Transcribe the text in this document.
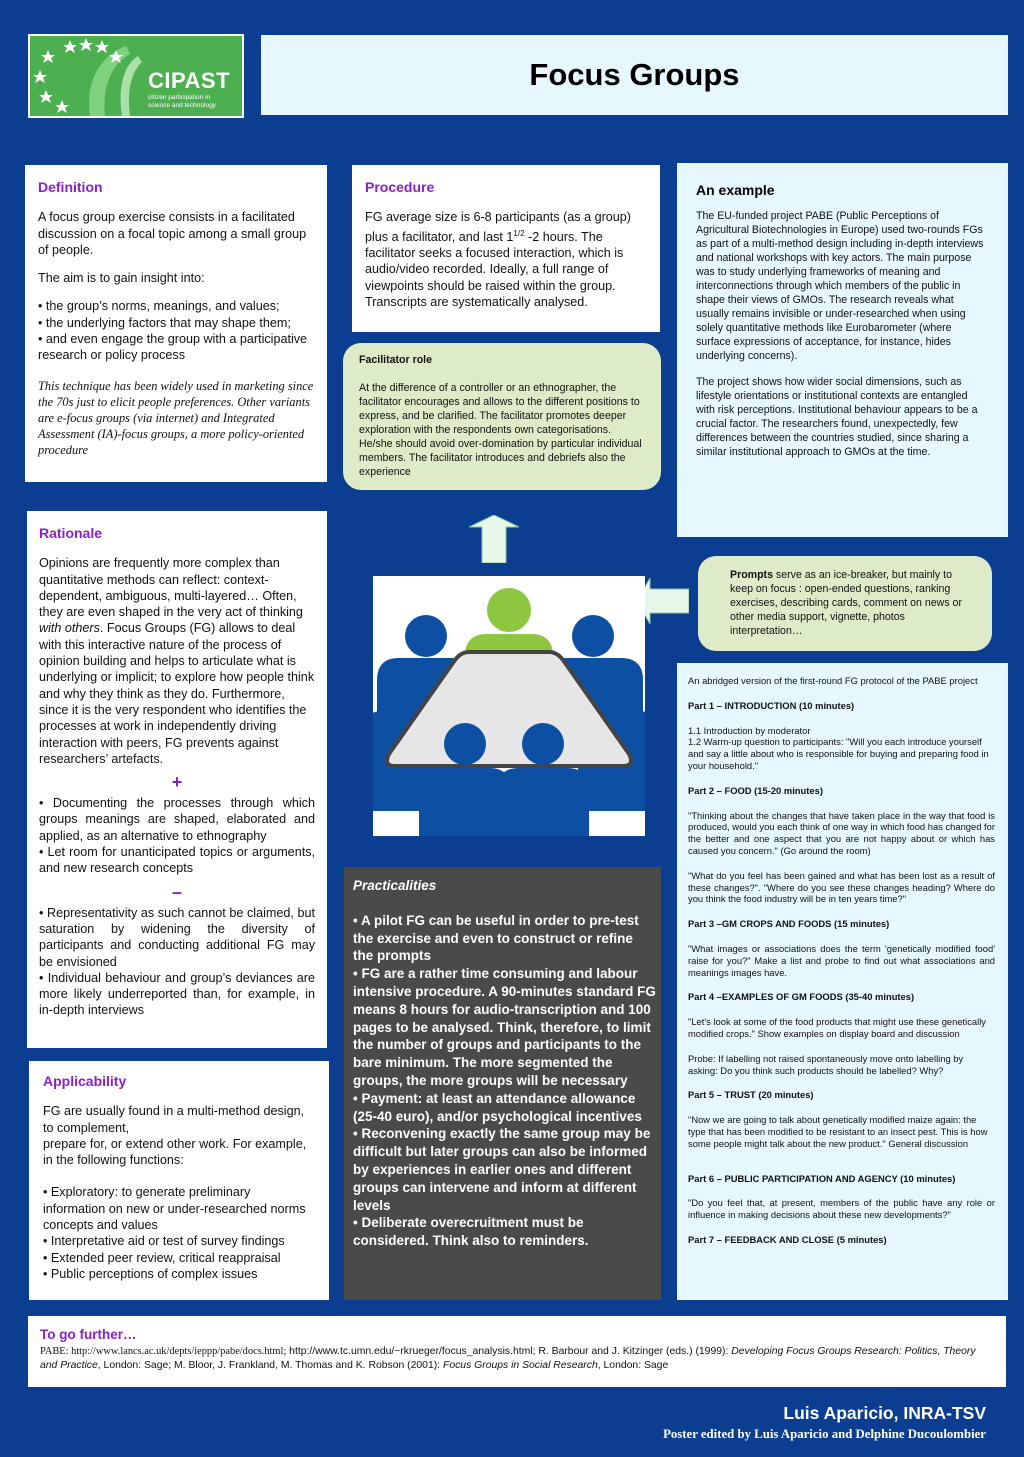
CIPAST
citizen participation in
science and technology
Focus Groups
Definition

A focus group exercise consists in a facilitated discussion on a focal topic among a small group of people.

The aim is to gain insight into:

• the group’s norms, meanings, and values;
• the underlying factors that may shape them;
• and even engage the group with a participative research or policy process

This technique has been widely used in marketing since the 70s just to elicit people preferences. Other variants are e-focus groups (via internet) and Integrated Assessment (IA)-focus groups, a more policy-oriented procedure

Procedure

FG average size is 6-8 participants (as a group) plus a facilitator, and last $1^{1/2}$ -2 hours. The facilitator seeks a focused interaction, which is audio/video recorded. Ideally, a full range of viewpoints should be raised within the group. Transcripts are systematically analysed.

Facilitator role
At the difference of a controller or an ethnographer, the facilitator encourages and allows to the different positions to express, and be clarified. The facilitator promotes deeper exploration with the respondents own categorisations. He/she should avoid over-domination by particular individual members. The facilitator introduces and debriefs also the experience
An example

The EU-funded project PABE (Public Perceptions of Agricultural Biotechnologies in Europe) used two-rounds FGs as part of a multi-method design including in-depth interviews and national workshops with key actors. The main purpose was to study underlying frameworks of meaning and interconnections through which members of the public in shape their views of GMOs. The research reveals what usually remains invisible or under-researched when using solely quantitative methods like Eurobarometer (where surface expressions of acceptance, for instance, hides underlying concerns).

The project shows how wider social dimensions, such as lifestyle orientations or institutional contexts are entangled with risk perceptions. Institutional behaviour appears to be a crucial factor. The researchers found, unexpectedly, few differences between the countries studied, since sharing a similar institutional approach to GMOs at the time.

Rationale

Opinions are frequently more complex than quantitative methods can reflect: context-dependent, ambiguous, multi-layered… Often, they are even shaped in the very act of thinking with others. Focus Groups (FG) allows to deal with this interactive nature of the process of opinion building and helps to articulate what is underlying or implicit; to explore how people think and why they think as they do. Furthermore, since it is the very respondent who identifies the processes at work in independently driving interaction with peers, FG prevents against researchers’ artefacts.

+
• Documenting the processes through which groups meanings are shaped, elaborated and applied, as an alternative to ethnography
• Let room for unanticipated topics or arguments, and new research concepts
–
• Representativity as such cannot be claimed, but saturation by widening the diversity of participants and conducting additional FG may be envisioned
• Individual behaviour and group’s deviances are more likely underreported than, for example, in in-depth interviews
Applicability
FG are usually found in a multi-method design, to complement,
prepare for, or extend other work. For example, in the following functions:
• Exploratory: to generate preliminary information on new or under-researched norms concepts and values
• Interpretative aid or test of survey findings
• Extended peer review, critical reappraisal
• Public perceptions of complex issues
Prompts serve as an ice-breaker, but mainly to keep on focus : open-ended questions, ranking exercises, describing cards, comment on news or other media support, vignette, photos interpretation…

An abridged version of the first-round FG protocol of the PABE project

Part 1 – INTRODUCTION (10 minutes)

1.1 Introduction by moderator
1.2 Warm-up question to participants: "Will you each introduce yourself and say a little about who is responsible for buying and preparing food in your household."

Part 2 – FOOD (15-20 minutes)

"Thinking about the changes that have taken place in the way that food is produced, would you each think of one way in which food has changed for the better and one aspect that you are not happy about or which has caused you concern." (Go around the room)

"What do you feel has been gained and what has been lost as a result of these changes?". "Where do you see these changes heading? Where do you think the food industry will be in ten years time?"

Part 3 –GM CROPS AND FOODS (15 minutes)

"What images or associations does the term 'genetically modified food' raise for you?" Make a list and probe to find out what associations and meanings images have.

Part 4 –EXAMPLES OF GM FOODS (35-40 minutes)

"Let's look at some of the food products that might use these genetically modified crops." Show examples on display board and discussion

Probe: If labelling not raised spontaneously move onto labelling by asking: Do you think such products should be labelled? Why?

Part 5 – TRUST (20 minutes)

"Now we are going to talk about genetically modified maize again: the type that has been modified to be resistant to an insect pest. This is how some people might talk about the new product." General discussion

Part 6 – PUBLIC PARTICIPATION AND AGENCY (10 minutes)

"Do you feel that, at present, members of the public have any role or influence in making decisions about these new developments?"

Part 7 – FEEDBACK AND CLOSE (5 minutes)

Practicalities
• A pilot FG can be useful in order to pre-test the exercise and even to construct or refine the prompts
• FG are a rather time consuming and labour intensive procedure. A 90-minutes standard FG means 8 hours for audio-transcription and 100 pages to be analysed. Think, therefore, to limit the number of groups and participants to the bare minimum. The more segmented the groups, the more groups will be necessary
• Payment: at least an attendance allowance (25-40 euro), and/or psychological incentives
• Reconvening exactly the same group may be difficult but later groups can also be informed by experiences in earlier ones and different groups can intervene and inform at different levels
• Deliberate overecruitment must be considered. Think also to reminders.
To go further…
PABE: http://www.lancs.ac.uk/depts/ieppp/pabe/docs.html; http://www.tc.umn.edu/~rkrueger/focus_analysis.html; R. Barbour and J. Kitzinger (eds.) (1999): Developing Focus Groups Research: Politics, Theory and Practice, London: Sage; M. Bloor, J. Frankland, M. Thomas and K. Robson (2001): Focus Groups in Social Research, London: Sage
Luis Aparicio, INRA-TSV
Poster edited by Luis Aparicio and Delphine Ducoulombier
